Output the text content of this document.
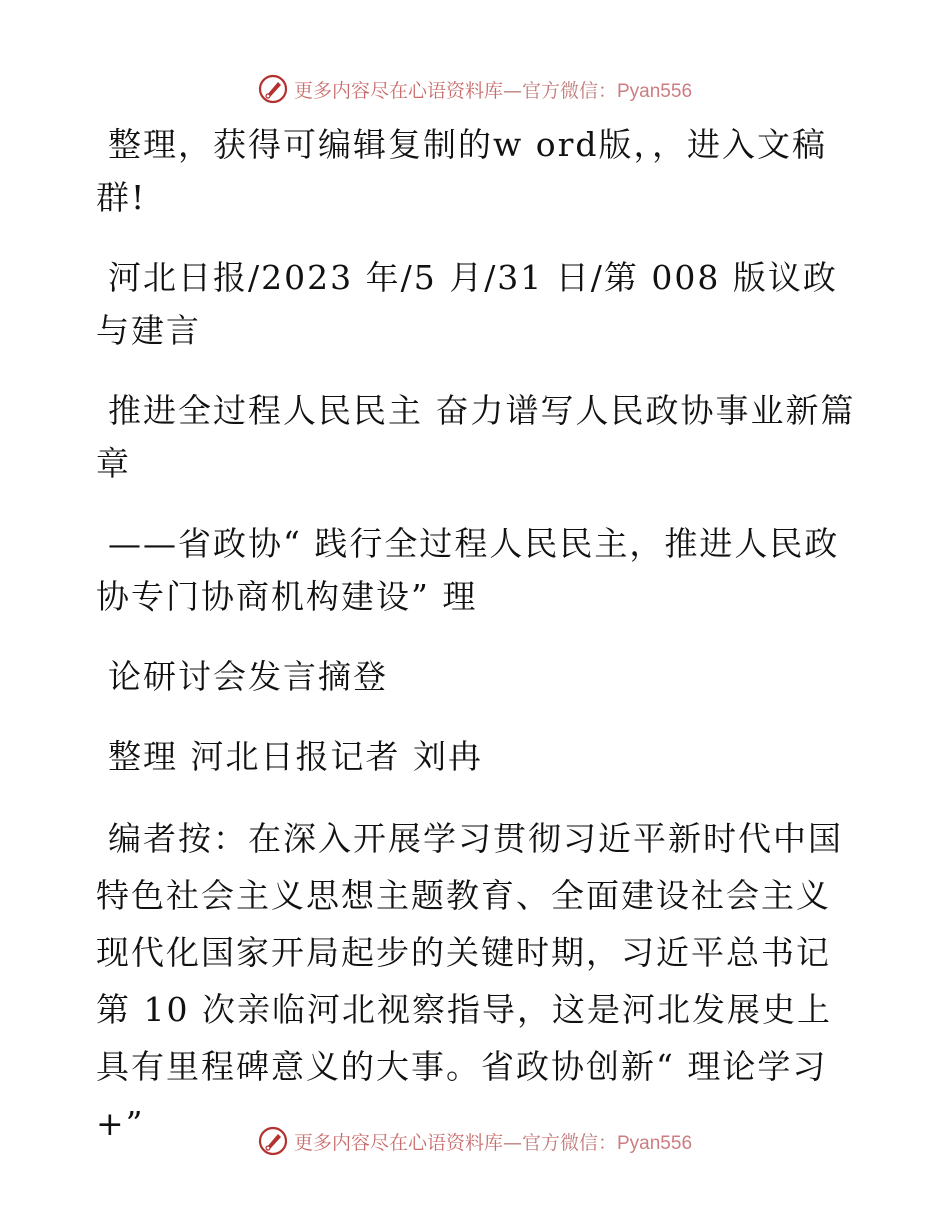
更多内容尽在心语资料库—官方微信：Pyan556

整理，获得可编辑复制的w ord版，，进入文稿群!

河北日报/2023 年/5 月/31 日/第 008 版议政与建言

推进全过程人民民主 奋力谱写人民政协事业新篇章

——省政协“ 践行全过程人民民主，推进人民政协专门协商机构建设” 理

论研讨会发言摘登

整理 河北日报记者 刘冉

编者按：在深入开展学习贯彻习近平新时代中国特色社会主义思想主题教育、全面建设社会主义现代化国家开局起步的关键时期，习近平总书记第 10 次亲临河北视察指导，这是河北发展史上具有里程碑意义的大事。省政协创新“ 理论学习+”	更多内容尽在心语资料库—官方微信：Pyan556
